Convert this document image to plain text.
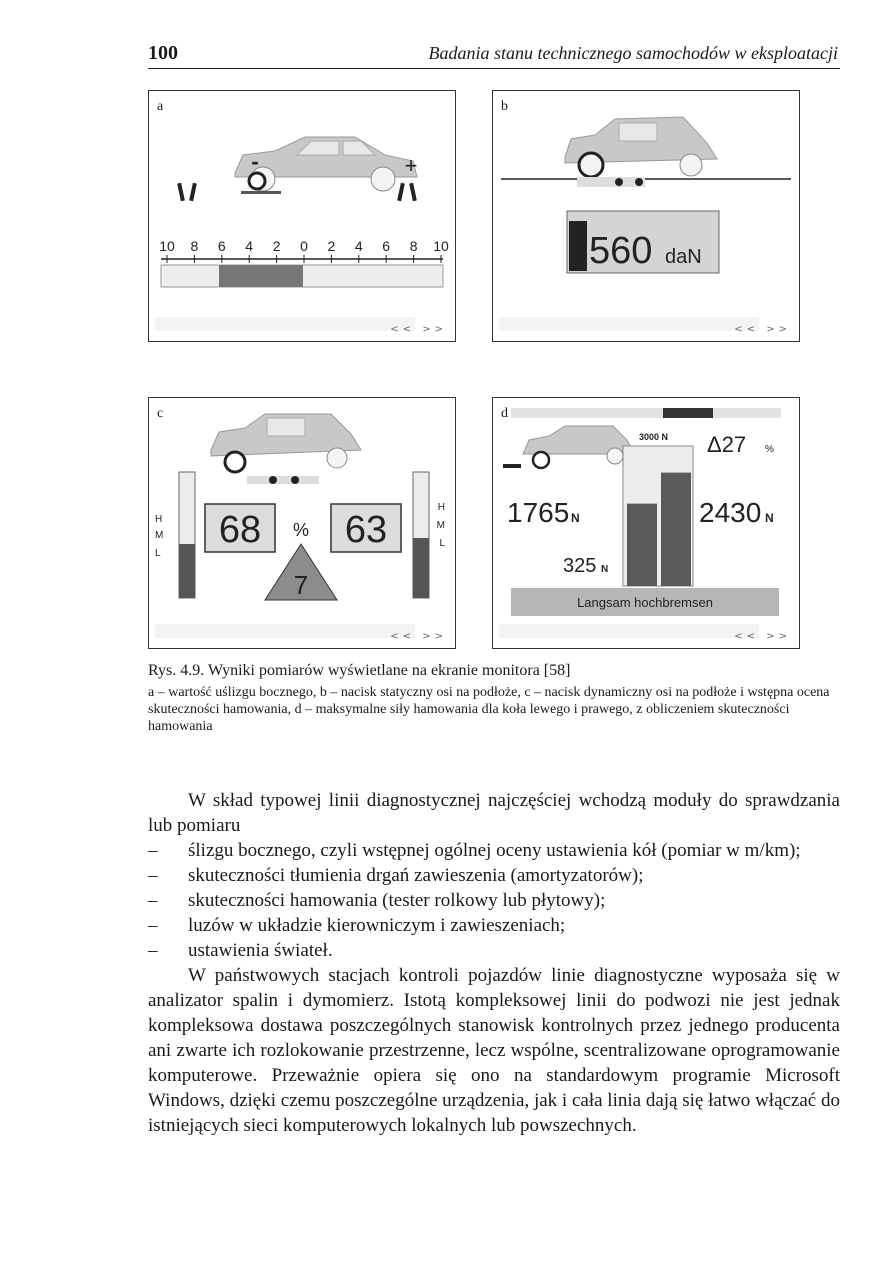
100	Badania stanu technicznego samochodów w eksploatacji
a
-	+
10 8 6 4 2 0 2 4 6 8 10
<< >>
b
560 daN
<< >>
c
H
M
L
H
M
L
68 % 63
7
<< >>
d
3000 N Δ27 %
1765 N	2430 N
325 N
Langsam hochbremsen
<< >>
Rys. 4.9. Wyniki pomiarów wyświetlane na ekranie monitora [58]

a – wartość uślizgu bocznego, b – nacisk statyczny osi na podłoże, c – nacisk dynamiczny osi na podłoże i wstępna ocena skuteczności hamowania, d – maksymalne siły hamowania dla koła lewego i prawego, z obliczeniem skuteczności hamowania

W skład typowej linii diagnostycznej najczęściej wchodzą moduły do sprawdzania lub pomiaru

– ślizgu bocznego, czyli wstępnej ogólnej oceny ustawienia kół (pomiar w m/km);
– skuteczności tłumienia drgań zawieszenia (amortyzatorów);
– skuteczności hamowania (tester rolkowy lub płytowy);
– luzów w układzie kierowniczym i zawieszeniach;
– ustawienia świateł.

W państwowych stacjach kontroli pojazdów linie diagnostyczne wyposaża się w analizator spalin i dymomierz. Istotą kompleksowej linii do podwozi nie jest jednak kompleksowa dostawa poszczególnych stanowisk kontrolnych przez jednego producenta ani zwarte ich rozlokowanie przestrzenne, lecz wspólne, scentralizowane oprogramowanie komputerowe. Przeważnie opiera się ono na standardowym programie Microsoft Windows, dzięki czemu poszczególne urządzenia, jak i cała linia dają się łatwo włączać do istniejących sieci komputerowych lokalnych lub powszechnych.
